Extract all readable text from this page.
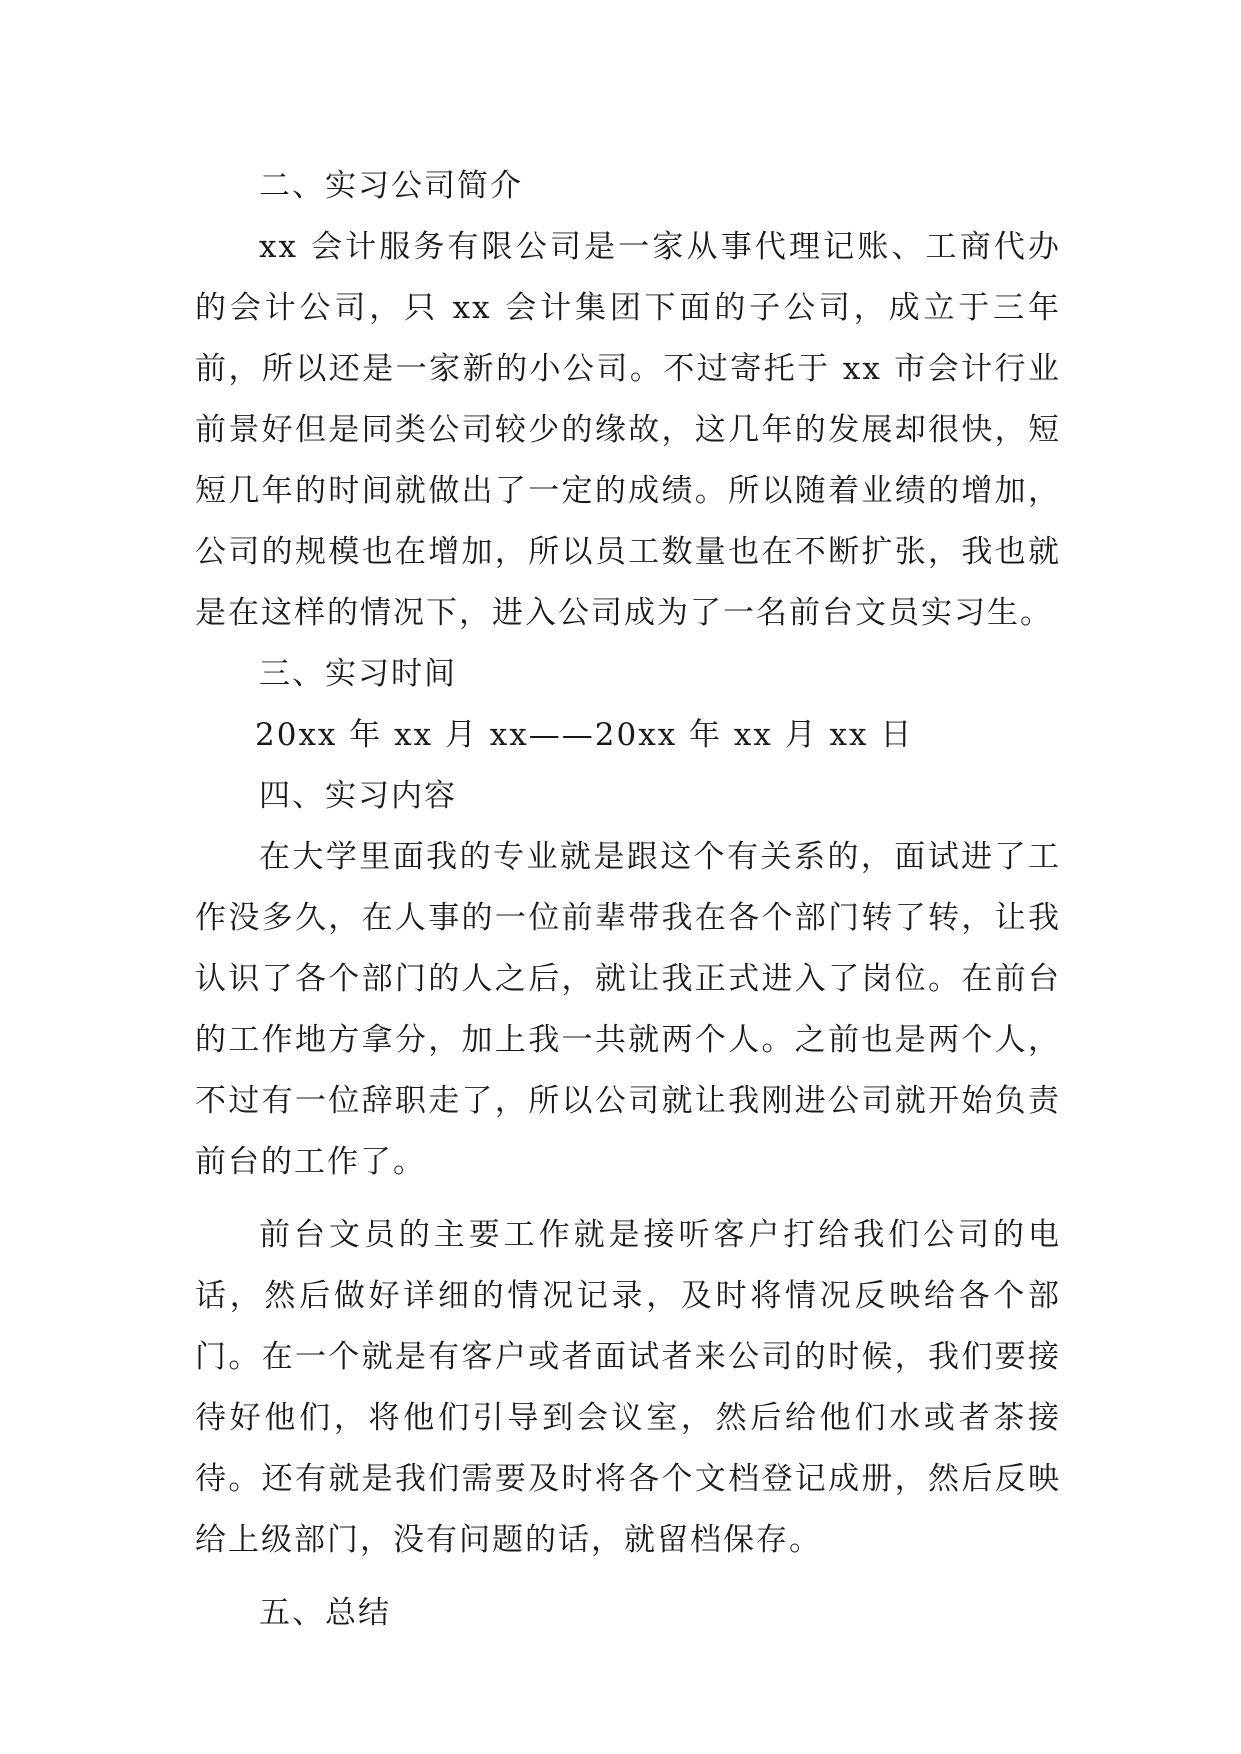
二、实习公司简介

xx 会计服务有限公司是一家从事代理记账、工商代办的会计公司，只 xx 会计集团下面的子公司，成立于三年前，所以还是一家新的小公司。不过寄托于 xx 市会计行业前景好但是同类公司较少的缘故，这几年的发展却很快，短短几年的时间就做出了一定的成绩。所以随着业绩的增加，公司的规模也在增加，所以员工数量也在不断扩张，我也就是在这样的情况下，进入公司成为了一名前台文员实习生。

三、实习时间

20xx 年 xx 月 xx——20xx 年 xx 月 xx 日

四、实习内容

在大学里面我的专业就是跟这个有关系的，面试进了工作没多久，在人事的一位前辈带我在各个部门转了转，让我认识了各个部门的人之后，就让我正式进入了岗位。在前台的工作地方拿分，加上我一共就两个人。之前也是两个人，不过有一位辞职走了，所以公司就让我刚进公司就开始负责前台的工作了。

前台文员的主要工作就是接听客户打给我们公司的电话，然后做好详细的情况记录，及时将情况反映给各个部门。在一个就是有客户或者面试者来公司的时候，我们要接待好他们，将他们引导到会议室，然后给他们水或者茶接待。还有就是我们需要及时将各个文档登记成册，然后反映给上级部门，没有问题的话，就留档保存。

五、总结
